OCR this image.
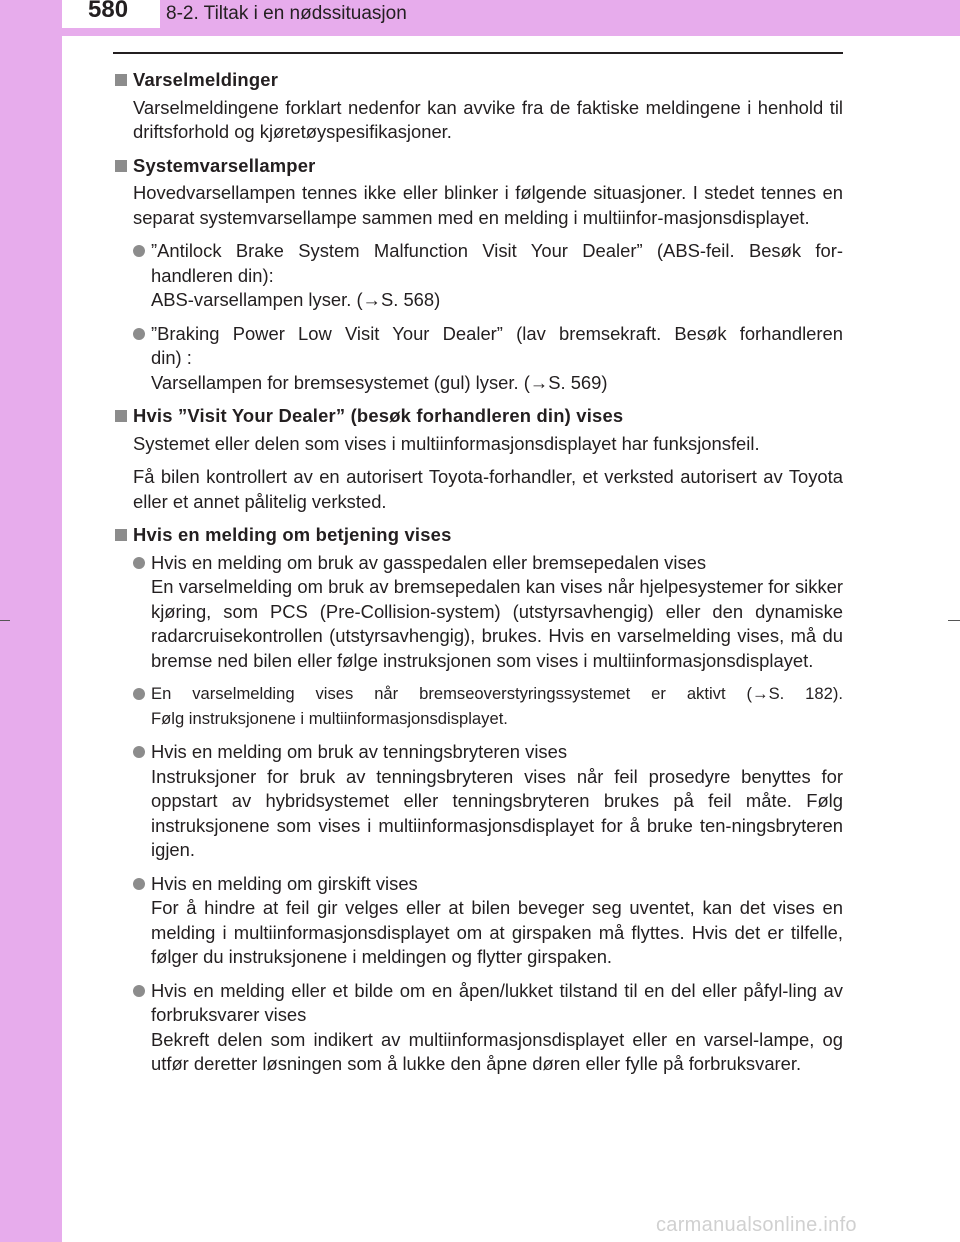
580 8-2. Tiltak i en nødssituasjon
Varselmeldinger
Varselmeldingene forklart nedenfor kan avvike fra de faktiske meldingene i henhold til driftsforhold og kjøretøyspesifikasjoner.
Systemvarsellamper
Hovedvarsellampen tennes ikke eller blinker i følgende situasjoner. I stedet tennes en separat systemvarsellampe sammen med en melding i multiinfor-masjonsdisplayet.
”Antilock Brake System Malfunction Visit Your Dealer” (ABS-feil. Besøk for-
handleren din):
ABS-varsellampen lyser. (→S. 568)
”Braking Power Low Visit Your Dealer” (lav bremsekraft. Besøk forhandleren
din) :
Varsellampen for bremsesystemet (gul) lyser. (→S. 569)
Hvis ”Visit Your Dealer” (besøk forhandleren din) vises
Systemet eller delen som vises i multiinformasjonsdisplayet har funksjonsfeil.
Få bilen kontrollert av en autorisert Toyota-forhandler, et verksted autorisert av Toyota eller et annet pålitelig verksted.
Hvis en melding om betjening vises
Hvis en melding om bruk av gasspedalen eller bremsepedalen vises
En varselmelding om bruk av bremsepedalen kan vises når hjelpesystemer for sikker kjøring, som PCS (Pre-Collision-system) (utstyrsavhengig) eller den dynamiske radarcruisekontrollen (utstyrsavhengig), brukes. Hvis en varselmelding vises, må du bremse ned bilen eller følge instruksjonen som vises i multiinformasjonsdisplayet.
En varselmelding vises når bremseoverstyringssystemet er aktivt (→S. 182).
Følg instruksjonene i multiinformasjonsdisplayet.
Hvis en melding om bruk av tenningsbryteren vises
Instruksjoner for bruk av tenningsbryteren vises når feil prosedyre benyttes for oppstart av hybridsystemet eller tenningsbryteren brukes på feil måte. Følg instruksjonene som vises i multiinformasjonsdisplayet for å bruke ten-ningsbryteren igjen.
Hvis en melding om girskift vises
For å hindre at feil gir velges eller at bilen beveger seg uventet, kan det vises en melding i multiinformasjonsdisplayet om at girspaken må flyttes. Hvis det er tilfelle, følger du instruksjonene i meldingen og flytter girspaken.
Hvis en melding eller et bilde om en åpen/lukket tilstand til en del eller påfyl-ling av forbruksvarer vises
Bekreft delen som indikert av multiinformasjonsdisplayet eller en varsel-lampe, og utfør deretter løsningen som å lukke den åpne døren eller fylle på forbruksvarer.
carmanualsonline.info
